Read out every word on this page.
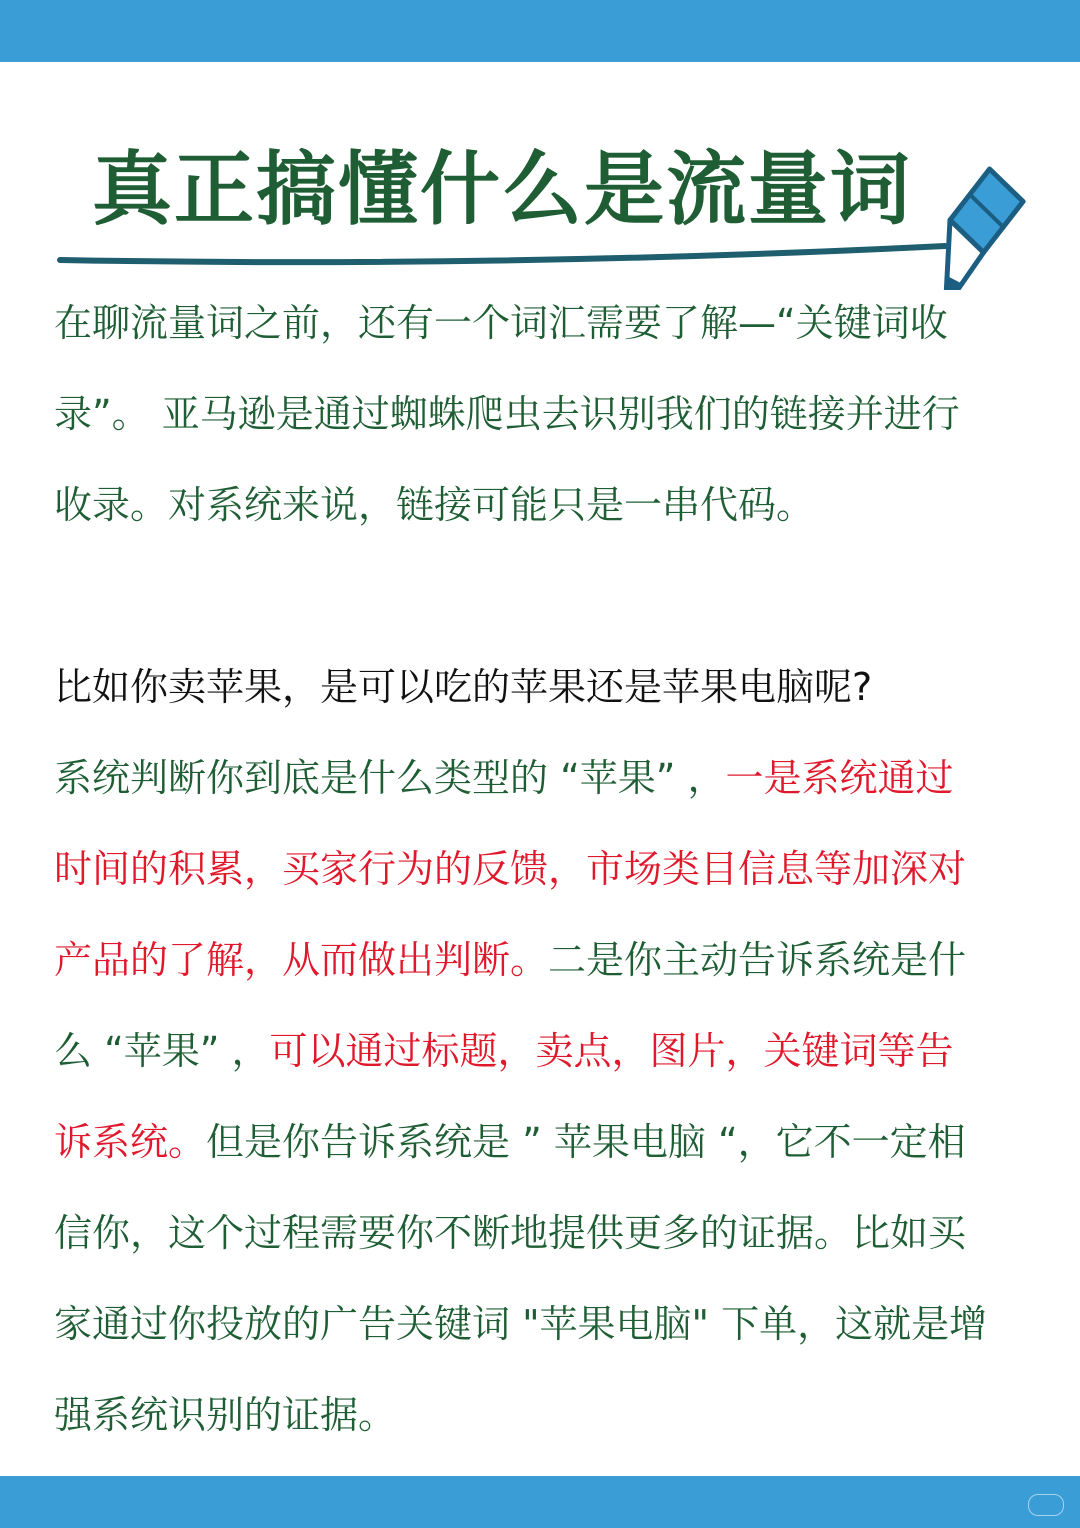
真正搞懂什么是流量词

在聊流量词之前，还有一个词汇需要了解—“关键词收

录”。 亚马逊是通过蜘蛛爬虫去识别我们的链接并进行

收录。对系统来说，链接可能只是一串代码。

比如你卖苹果，是可以吃的苹果还是苹果电脑呢?

系统判断你到底是什么类型的 “苹果” ，一是系统通过

时间的积累，买家行为的反馈，市场类目信息等加深对

产品的了解，从而做出判断。二是你主动告诉系统是什

么 “苹果” ，可以通过标题，卖点，图片，关键词等告

诉系统。但是你告诉系统是 ” 苹果电脑 “，它不一定相

信你，这个过程需要你不断地提供更多的证据。比如买

家通过你投放的广告关键词 "苹果电脑" 下单，这就是增

强系统识别的证据。
